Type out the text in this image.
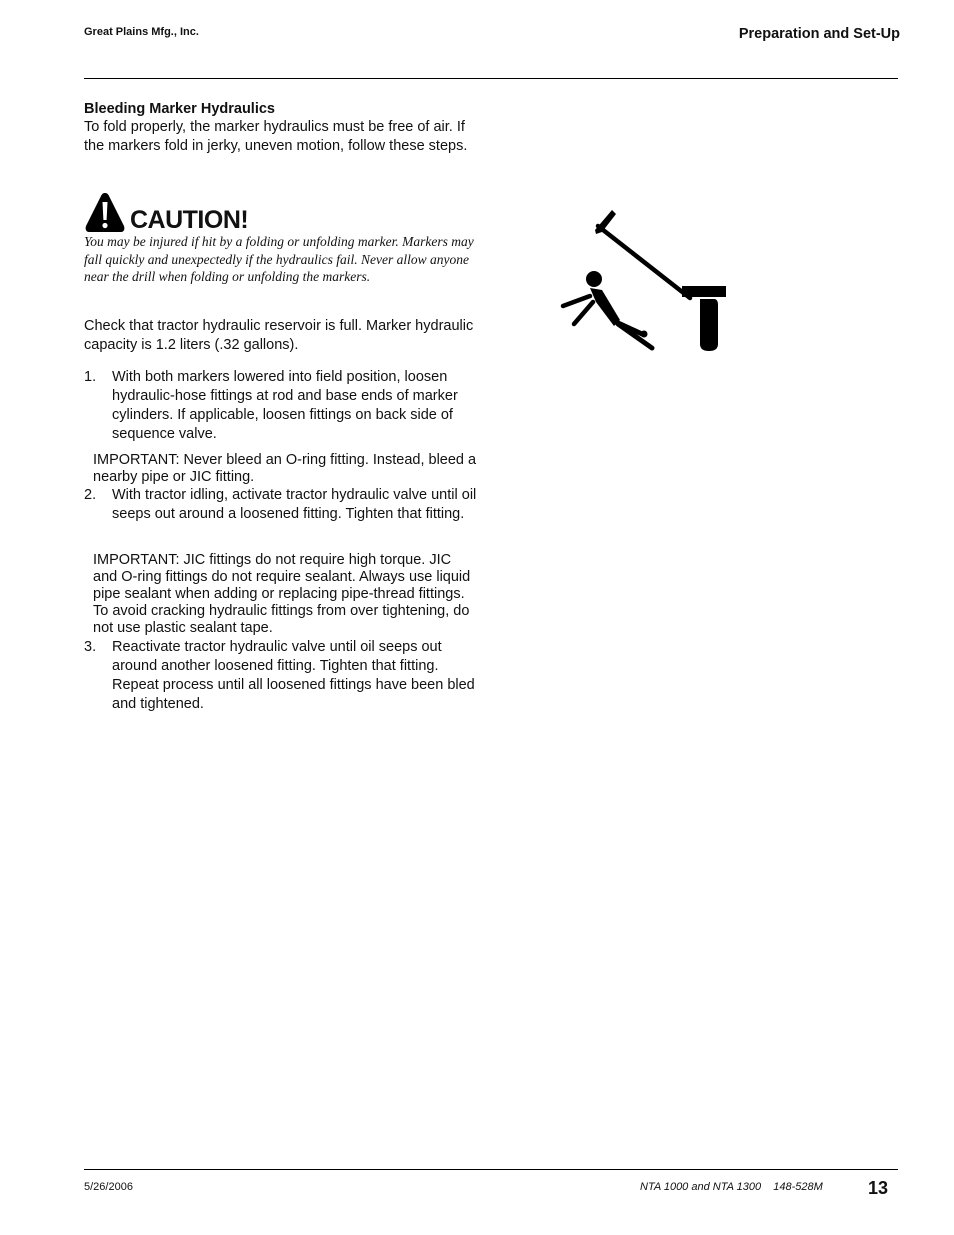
Great Plains Mfg., Inc.	Preparation and Set-Up
Bleeding Marker Hydraulics
To fold properly, the marker hydraulics must be free of air. If the markers fold in jerky, uneven motion, follow these steps.
CAUTION!
You may be injured if hit by a folding or unfolding marker. Markers may fall quickly and unexpectedly if the hydraulics fail. Never allow anyone near the drill when folding or unfolding the markers.
Check that tractor hydraulic reservoir is full. Marker hydraulic capacity is 1.2 liters (.32 gallons).
1. With both markers lowered into field position, loosen hydraulic-hose fittings at rod and base ends of marker cylinders. If applicable, loosen fittings on back side of sequence valve.
IMPORTANT: Never bleed an O-ring fitting. Instead, bleed a nearby pipe or JIC fitting.
2. With tractor idling, activate tractor hydraulic valve until oil seeps out around a loosened fitting. Tighten that fitting.
IMPORTANT: JIC fittings do not require high torque. JIC and O-ring fittings do not require sealant. Always use liquid pipe sealant when adding or replacing pipe-thread fittings. To avoid cracking hydraulic fittings from over tightening, do not use plastic sealant tape.
3. Reactivate tractor hydraulic valve until oil seeps out around another loosened fitting. Tighten that fitting. Repeat process until all loosened fittings have been bled and tightened.
5/26/2006	NTA 1000 and NTA 1300    148-528M	13
